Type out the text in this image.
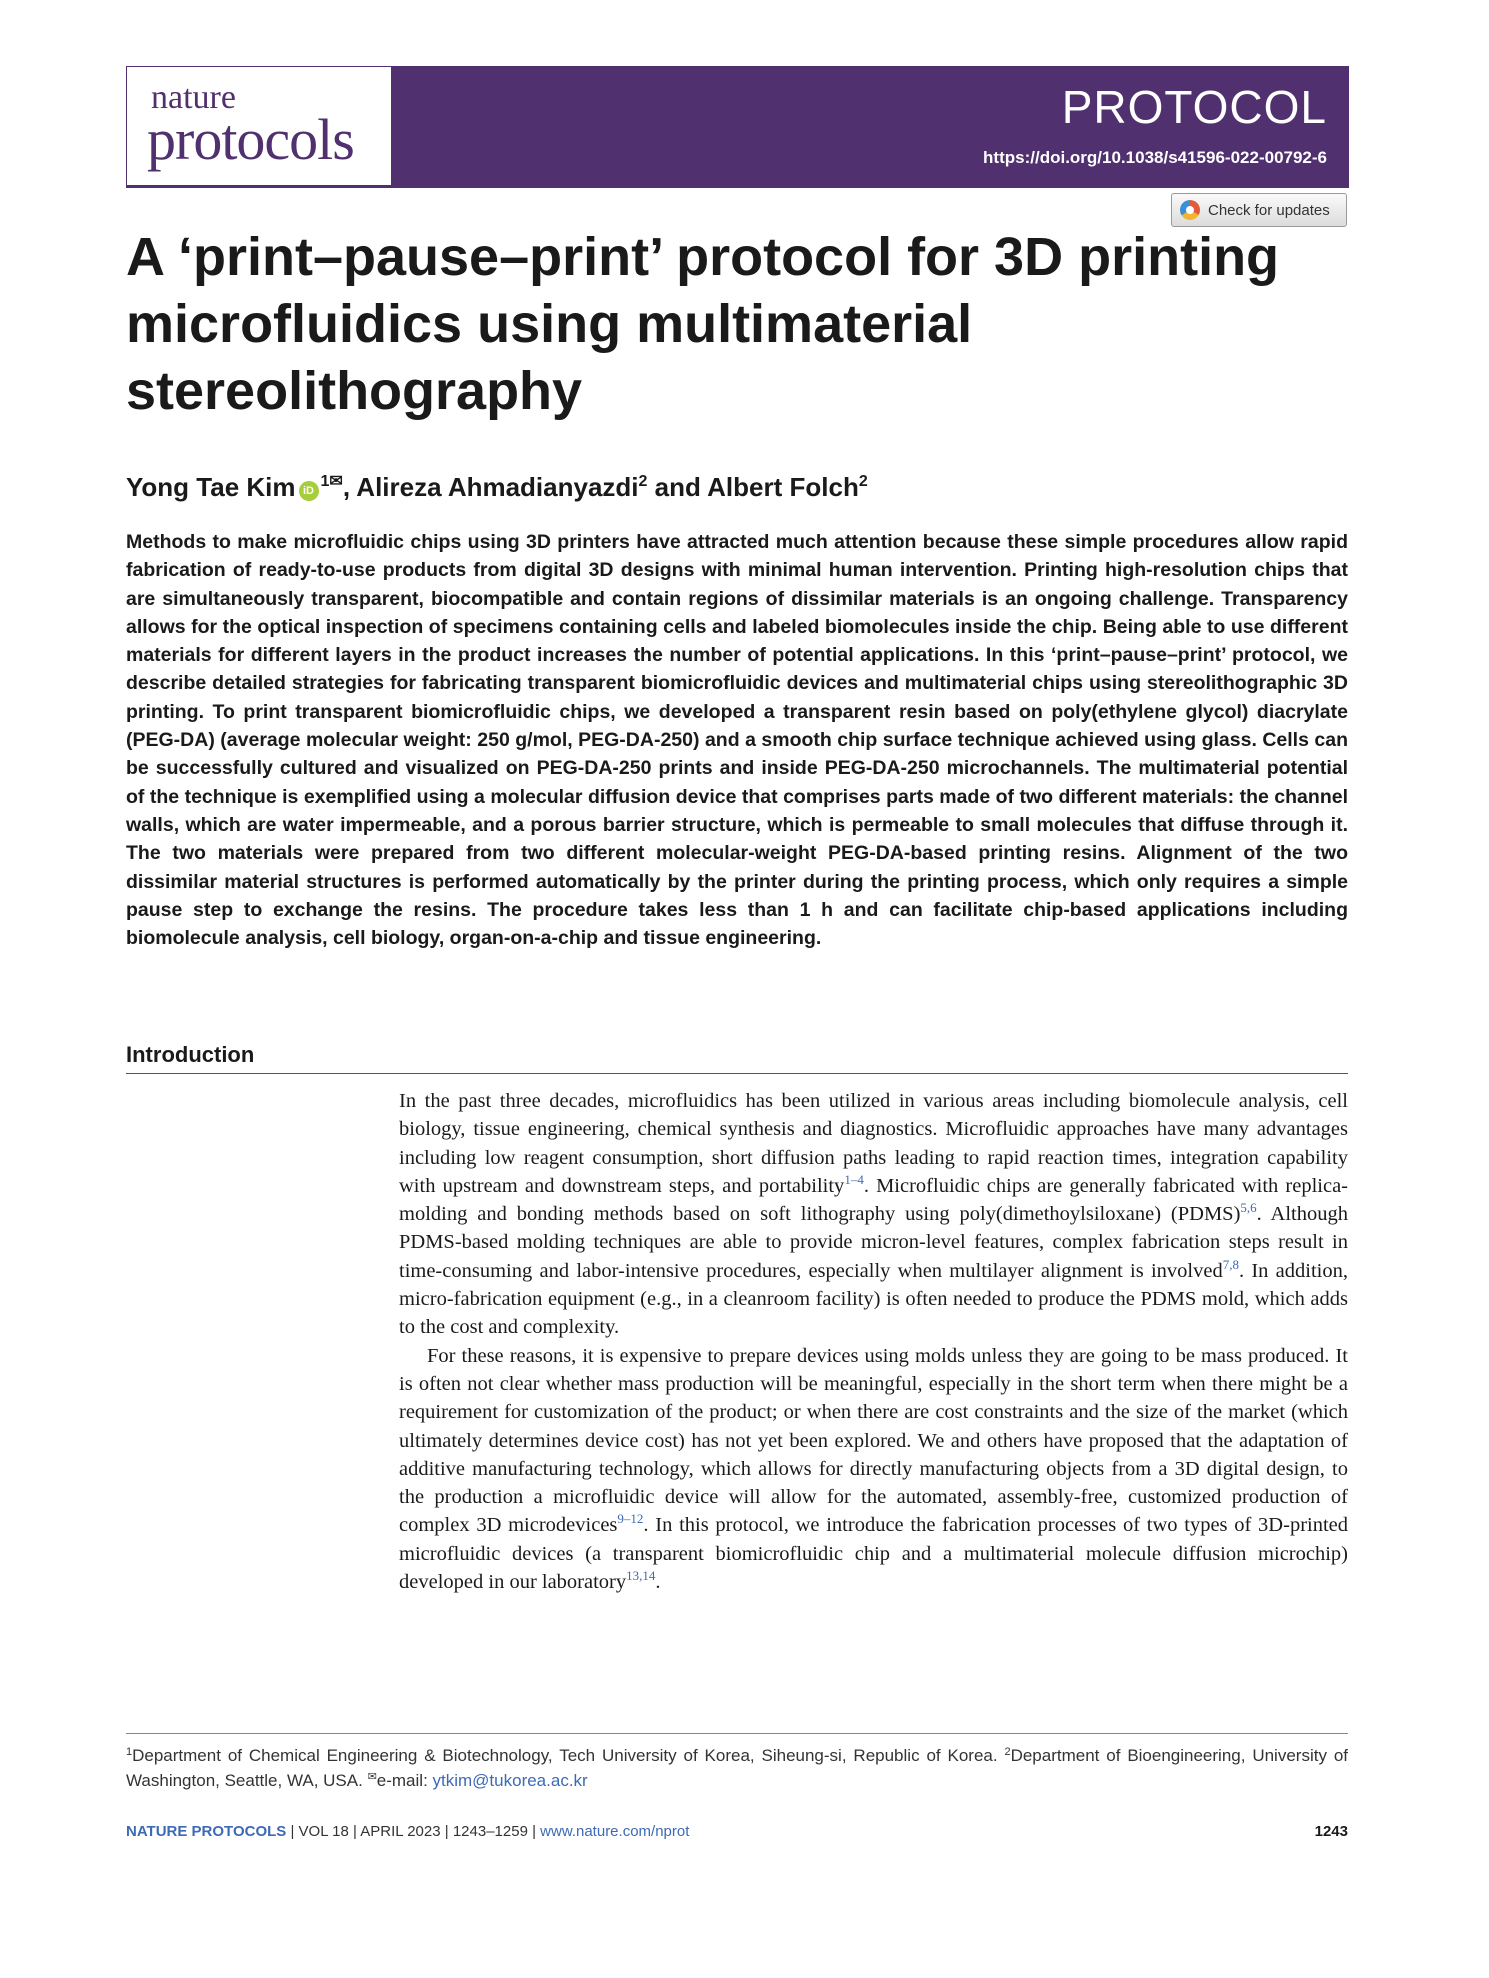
nature
protocols	PROTOCOL
https://doi.org/10.1038/s41596-022-00792-6
Check for updates
A ‘print–pause–print’ protocol for 3D printing microfluidics using multimaterial stereolithography
Yong Tae Kim $iD^{1✉}$, Alireza Ahmadianyazdi$^2$ and Albert Folch$^2$

Methods to make microfluidic chips using 3D printers have attracted much attention because these simple procedures allow rapid fabrication of ready-to-use products from digital 3D designs with minimal human intervention. Printing high-resolution chips that are simultaneously transparent, biocompatible and contain regions of dissimilar materials is an ongoing challenge. Transparency allows for the optical inspection of specimens containing cells and labeled biomolecules inside the chip. Being able to use different materials for different layers in the product increases the number of potential applications. In this ‘print–pause–print’ protocol, we describe detailed strategies for fabricating transparent biomicrofluidic devices and multimaterial chips using stereolithographic 3D printing. To print transparent biomicrofluidic chips, we developed a transparent resin based on poly(ethylene glycol) diacrylate (PEG-DA) (average molecular weight: 250 g/mol, PEG-DA-250) and a smooth chip surface technique achieved using glass. Cells can be successfully cultured and visualized on PEG-DA-250 prints and inside PEG-DA-250 microchannels. The multimaterial potential of the technique is exemplified using a molecular diffusion device that comprises parts made of two different materials: the channel walls, which are water impermeable, and a porous barrier structure, which is permeable to small molecules that diffuse through it. The two materials were prepared from two different molecular-weight PEG-DA-based printing resins. Alignment of the two dissimilar material structures is performed automatically by the printer during the printing process, which only requires a simple pause step to exchange the resins. The procedure takes less than 1 h and can facilitate chip-based applications including biomolecule analysis, cell biology, organ-on-a-chip and tissue engineering.

Introduction

In the past three decades, microfluidics has been utilized in various areas including biomolecule analysis, cell biology, tissue engineering, chemical synthesis and diagnostics. Microfluidic approaches have many advantages including low reagent consumption, short diffusion paths leading to rapid reaction times, integration capability with upstream and downstream steps, and portability$^{1-4}$. Microfluidic chips are generally fabricated with replica-molding and bonding methods based on soft lithography using poly(dimethoylsiloxane) (PDMS)$^{5,6}$. Although PDMS-based molding techniques are able to provide micron-level features, complex fabrication steps result in time-consuming and labor-intensive procedures, especially when multilayer alignment is involved$^{7,8}$. In addition, micro-fabrication equipment (e.g., in a cleanroom facility) is often needed to produce the PDMS mold, which adds to the cost and complexity.

For these reasons, it is expensive to prepare devices using molds unless they are going to be mass produced. It is often not clear whether mass production will be meaningful, especially in the short term when there might be a requirement for customization of the product; or when there are cost constraints and the size of the market (which ultimately determines device cost) has not yet been explored. We and others have proposed that the adaptation of additive manufacturing technology, which allows for directly manufacturing objects from a 3D digital design, to the production a microfluidic device will allow for the automated, assembly-free, customized production of complex 3D microdevices$^{9-12}$. In this protocol, we introduce the fabrication processes of two types of 3D-printed microfluidic devices (a transparent biomicrofluidic chip and a multimaterial molecule diffusion microchip) developed in our laboratory$^{13,14}$.

$^1$Department of Chemical Engineering & Biotechnology, Tech University of Korea, Siheung-si, Republic of Korea. $^2$Department of Bioengineering, University of Washington, Seattle, WA, USA. ✉e-mail: ytkim@tukorea.ac.kr
NATURE PROTOCOLS | VOL 18 | APRIL 2023 | 1243–1259 | www.nature.com/nprot	1243
